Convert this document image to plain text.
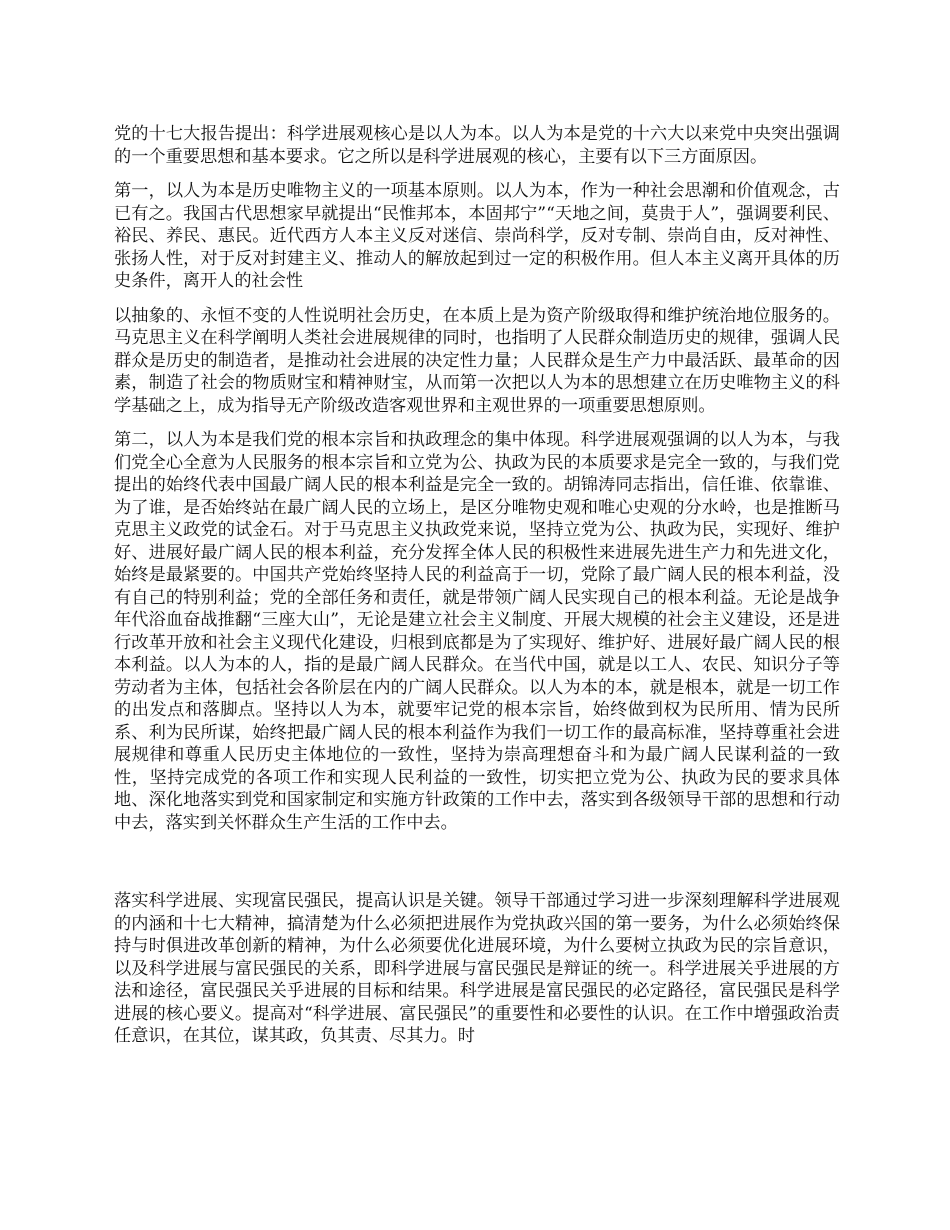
党的十七大报告提出：科学进展观核心是以人为本。以人为本是党的十六大以来党中央突出强调的一个重要思想和基本要求。它之所以是科学进展观的核心，主要有以下三方面原因。

第一，以人为本是历史唯物主义的一项基本原则。以人为本，作为一种社会思潮和价值观念，古已有之。我国古代思想家早就提出“民惟邦本，本固邦宁”“天地之间，莫贵于人”，强调要利民、裕民、养民、惠民。近代西方人本主义反对迷信、崇尚科学，反对专制、崇尚自由，反对神性、张扬人性，对于反对封建主义、推动人的解放起到过一定的积极作用。但人本主义离开具体的历史条件，离开人的社会性

以抽象的、永恒不变的人性说明社会历史，在本质上是为资产阶级取得和维护统治地位服务的。马克思主义在科学阐明人类社会进展规律的同时，也指明了人民群众制造历史的规律，强调人民群众是历史的制造者，是推动社会进展的决定性力量；人民群众是生产力中最活跃、最革命的因素，制造了社会的物质财宝和精神财宝，从而第一次把以人为本的思想建立在历史唯物主义的科学基础之上，成为指导无产阶级改造客观世界和主观世界的一项重要思想原则。

第二，以人为本是我们党的根本宗旨和执政理念的集中体现。科学进展观强调的以人为本，与我们党全心全意为人民服务的根本宗旨和立党为公、执政为民的本质要求是完全一致的，与我们党提出的始终代表中国最广阔人民的根本利益是完全一致的。胡锦涛同志指出，信任谁、依靠谁、为了谁，是否始终站在最广阔人民的立场上，是区分唯物史观和唯心史观的分水岭，也是推断马克思主义政党的试金石。对于马克思主义执政党来说，坚持立党为公、执政为民，实现好、维护好、进展好最广阔人民的根本利益，充分发挥全体人民的积极性来进展先进生产力和先进文化，始终是最紧要的。中国共产党始终坚持人民的利益高于一切，党除了最广阔人民的根本利益，没有自己的特别利益；党的全部任务和责任，就是带领广阔人民实现自己的根本利益。无论是战争年代浴血奋战推翻“三座大山”，无论是建立社会主义制度、开展大规模的社会主义建设，还是进行改革开放和社会主义现代化建设，归根到底都是为了实现好、维护好、进展好最广阔人民的根本利益。以人为本的人，指的是最广阔人民群众。在当代中国，就是以工人、农民、知识分子等劳动者为主体，包括社会各阶层在内的广阔人民群众。以人为本的本，就是根本，就是一切工作的出发点和落脚点。坚持以人为本，就要牢记党的根本宗旨，始终做到权为民所用、情为民所系、利为民所谋，始终把最广阔人民的根本利益作为我们一切工作的最高标准，坚持尊重社会进展规律和尊重人民历史主体地位的一致性，坚持为崇高理想奋斗和为最广阔人民谋利益的一致性，坚持完成党的各项工作和实现人民利益的一致性，切实把立党为公、执政为民的要求具体地、深化地落实到党和国家制定和实施方针政策的工作中去，落实到各级领导干部的思想和行动中去，落实到关怀群众生产生活的工作中去。

落实科学进展、实现富民强民，提高认识是关键。领导干部通过学习进一步深刻理解科学进展观的内涵和十七大精神，搞清楚为什么必须把进展作为党执政兴国的第一要务，为什么必须始终保持与时俱进改革创新的精神，为什么必须要优化进展环境，为什么要树立执政为民的宗旨意识，以及科学进展与富民强民的关系，即科学进展与富民强民是辩证的统一。科学进展关乎进展的方法和途径，富民强民关乎进展的目标和结果。科学进展是富民强民的必定路径，富民强民是科学进展的核心要义。提高对“科学进展、富民强民”的重要性和必要性的认识。在工作中增强政治责任意识，在其位，谋其政，负其责、尽其力。时
